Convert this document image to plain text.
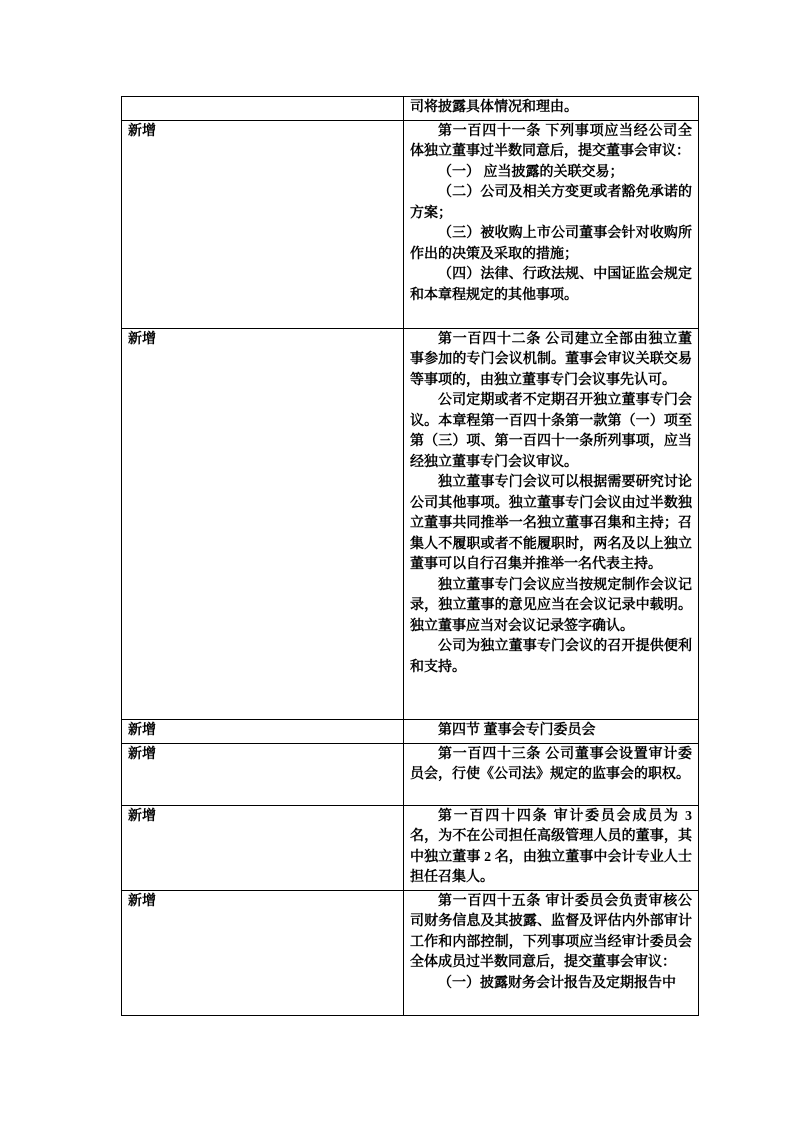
	司将披露具体情况和理由。

新增	第一百四十一条 下列事项应当经公司全体独立董事过半数同意后，提交董事会审议：

（一） 应当披露的关联交易；

（二）公司及相关方变更或者豁免承诺的方案；

（三）被收购上市公司董事会针对收购所作出的决策及采取的措施；

（四）法律、行政法规、中国证监会规定和本章程规定的其他事项。

新增	第一百四十二条 公司建立全部由独立董事参加的专门会议机制。董事会审议关联交易等事项的，由独立董事专门会议事先认可。

公司定期或者不定期召开独立董事专门会议。本章程第一百四十条第一款第（一）项至第（三）项、第一百四十一条所列事项，应当经独立董事专门会议审议。

独立董事专门会议可以根据需要研究讨论公司其他事项。独立董事专门会议由过半数独立董事共同推举一名独立董事召集和主持；召集人不履职或者不能履职时，两名及以上独立董事可以自行召集并推举一名代表主持。

独立董事专门会议应当按规定制作会议记录，独立董事的意见应当在会议记录中载明。独立董事应当对会议记录签字确认。

公司为独立董事专门会议的召开提供便利和支持。

新增	第四节 董事会专门委员会

新增	第一百四十三条 公司董事会设置审计委员会，行使《公司法》规定的监事会的职权。

新增	第一百四十四条 审计委员会成员为 3 名，为不在公司担任高级管理人员的董事，其中独立董事 2 名，由独立董事中会计专业人士担任召集人。

新增	第一百四十五条 审计委员会负责审核公司财务信息及其披露、监督及评估内外部审计工作和内部控制，下列事项应当经审计委员会全体成员过半数同意后，提交董事会审议：

（一）披露财务会计报告及定期报告中
